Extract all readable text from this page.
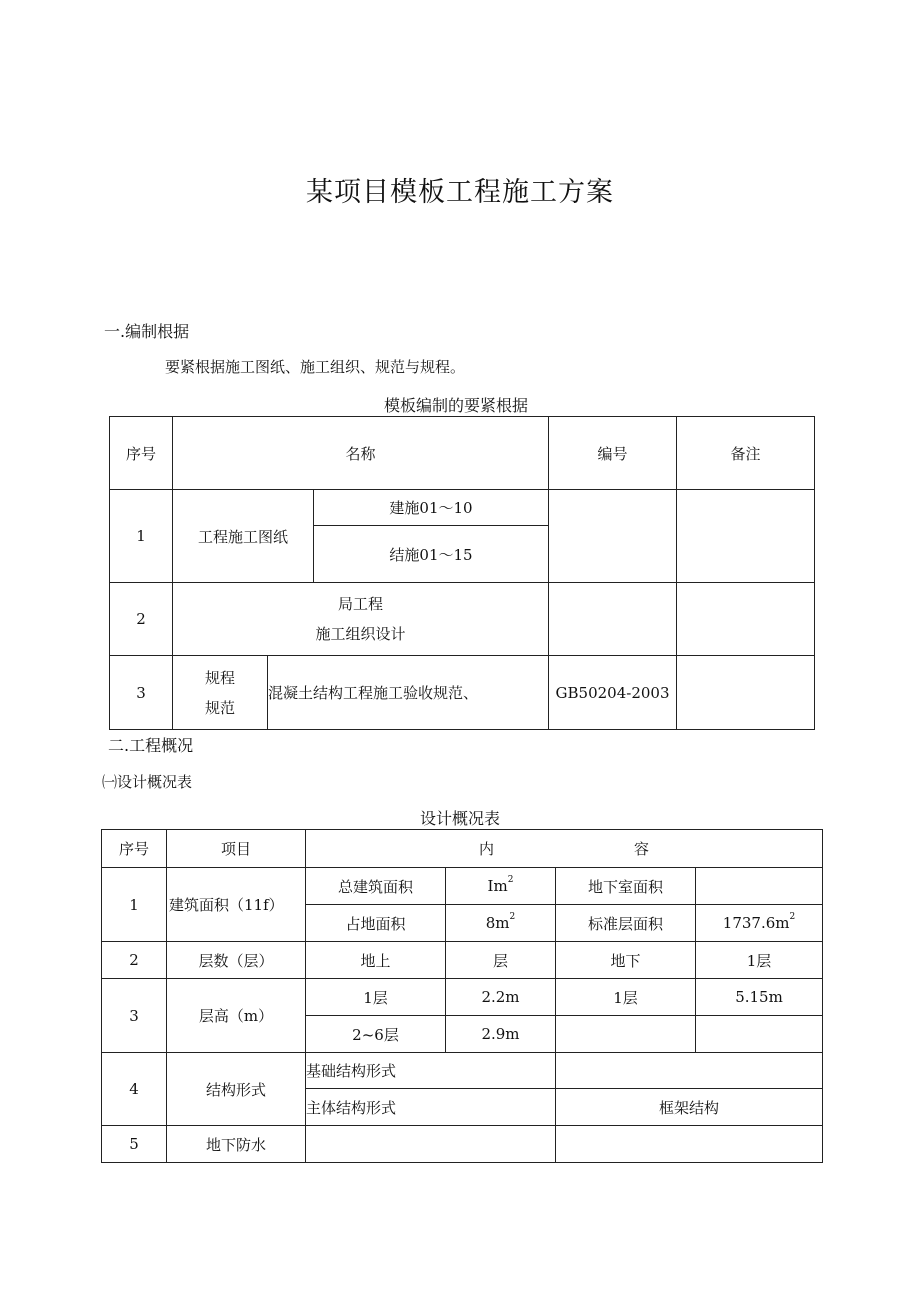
某项目模板工程施工方案
一.编制根据
要紧根据施工图纸、施工组织、规范与规程。
模板编制的要紧根据
序号	名称			编号	备注
1	工程施工图纸		建施01～10		
			结施01～15		
2	局工程
施工组织设计				

3	规程
规范	混凝土结构工程施工验收规范、		GB50204-2003	
二.工程概况
㈠设计概况表
设计概况表
序号	项目	内 容			
1	建筑面积（11f）	总建筑面积	Im$^2$	地下室面积	
		占地面积	$8m^2$	标准层面积	$1737.6m^2$
2	层数（层）	地上	层	地下	1层
3	层高（m）	1层	2.2m	1层	5.15m
		2~6层	2.9m		
4	结构形式	基础结构形式			
		主体结构形式		框架结构	
5	地下防水				
